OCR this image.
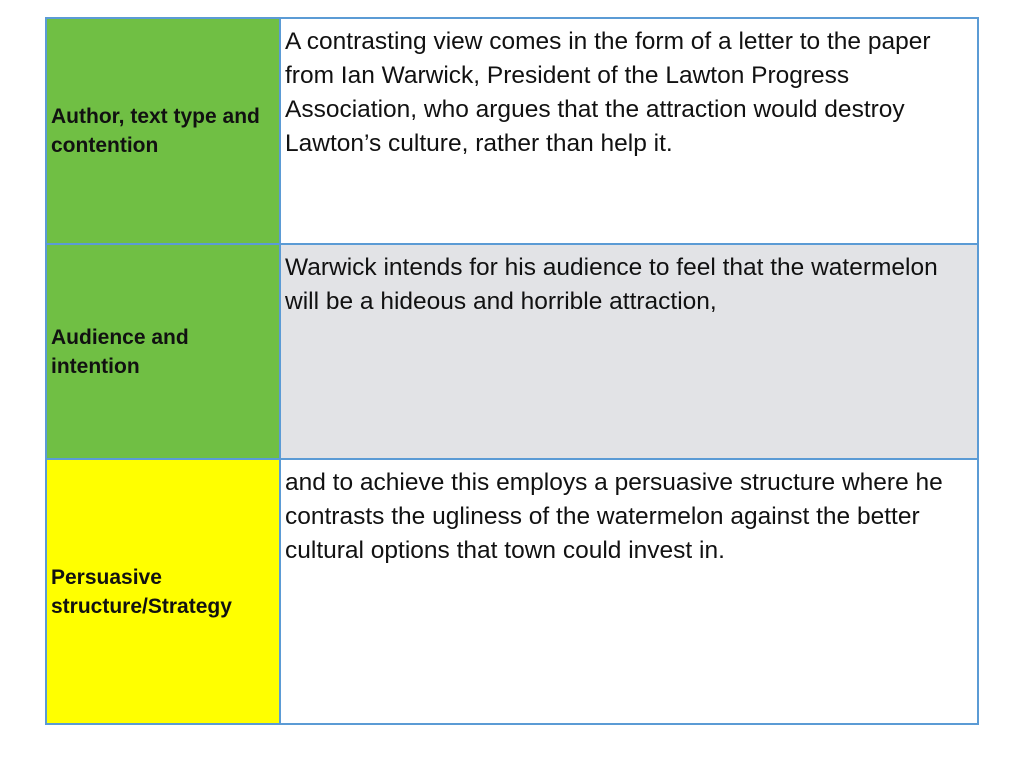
Author, text type and contention	A contrasting view comes in the form of a letter to the paper from Ian Warwick, President of the Lawton Progress Association, who argues that the attraction would destroy Lawton’s culture, rather than help it.

Audience and intention	Warwick intends for his audience to feel that the watermelon will be a hideous and horrible attraction,

Persuasive structure/Strategy	and to achieve this employs a persuasive structure where he contrasts the ugliness of the watermelon against the better cultural options that town could invest in.
